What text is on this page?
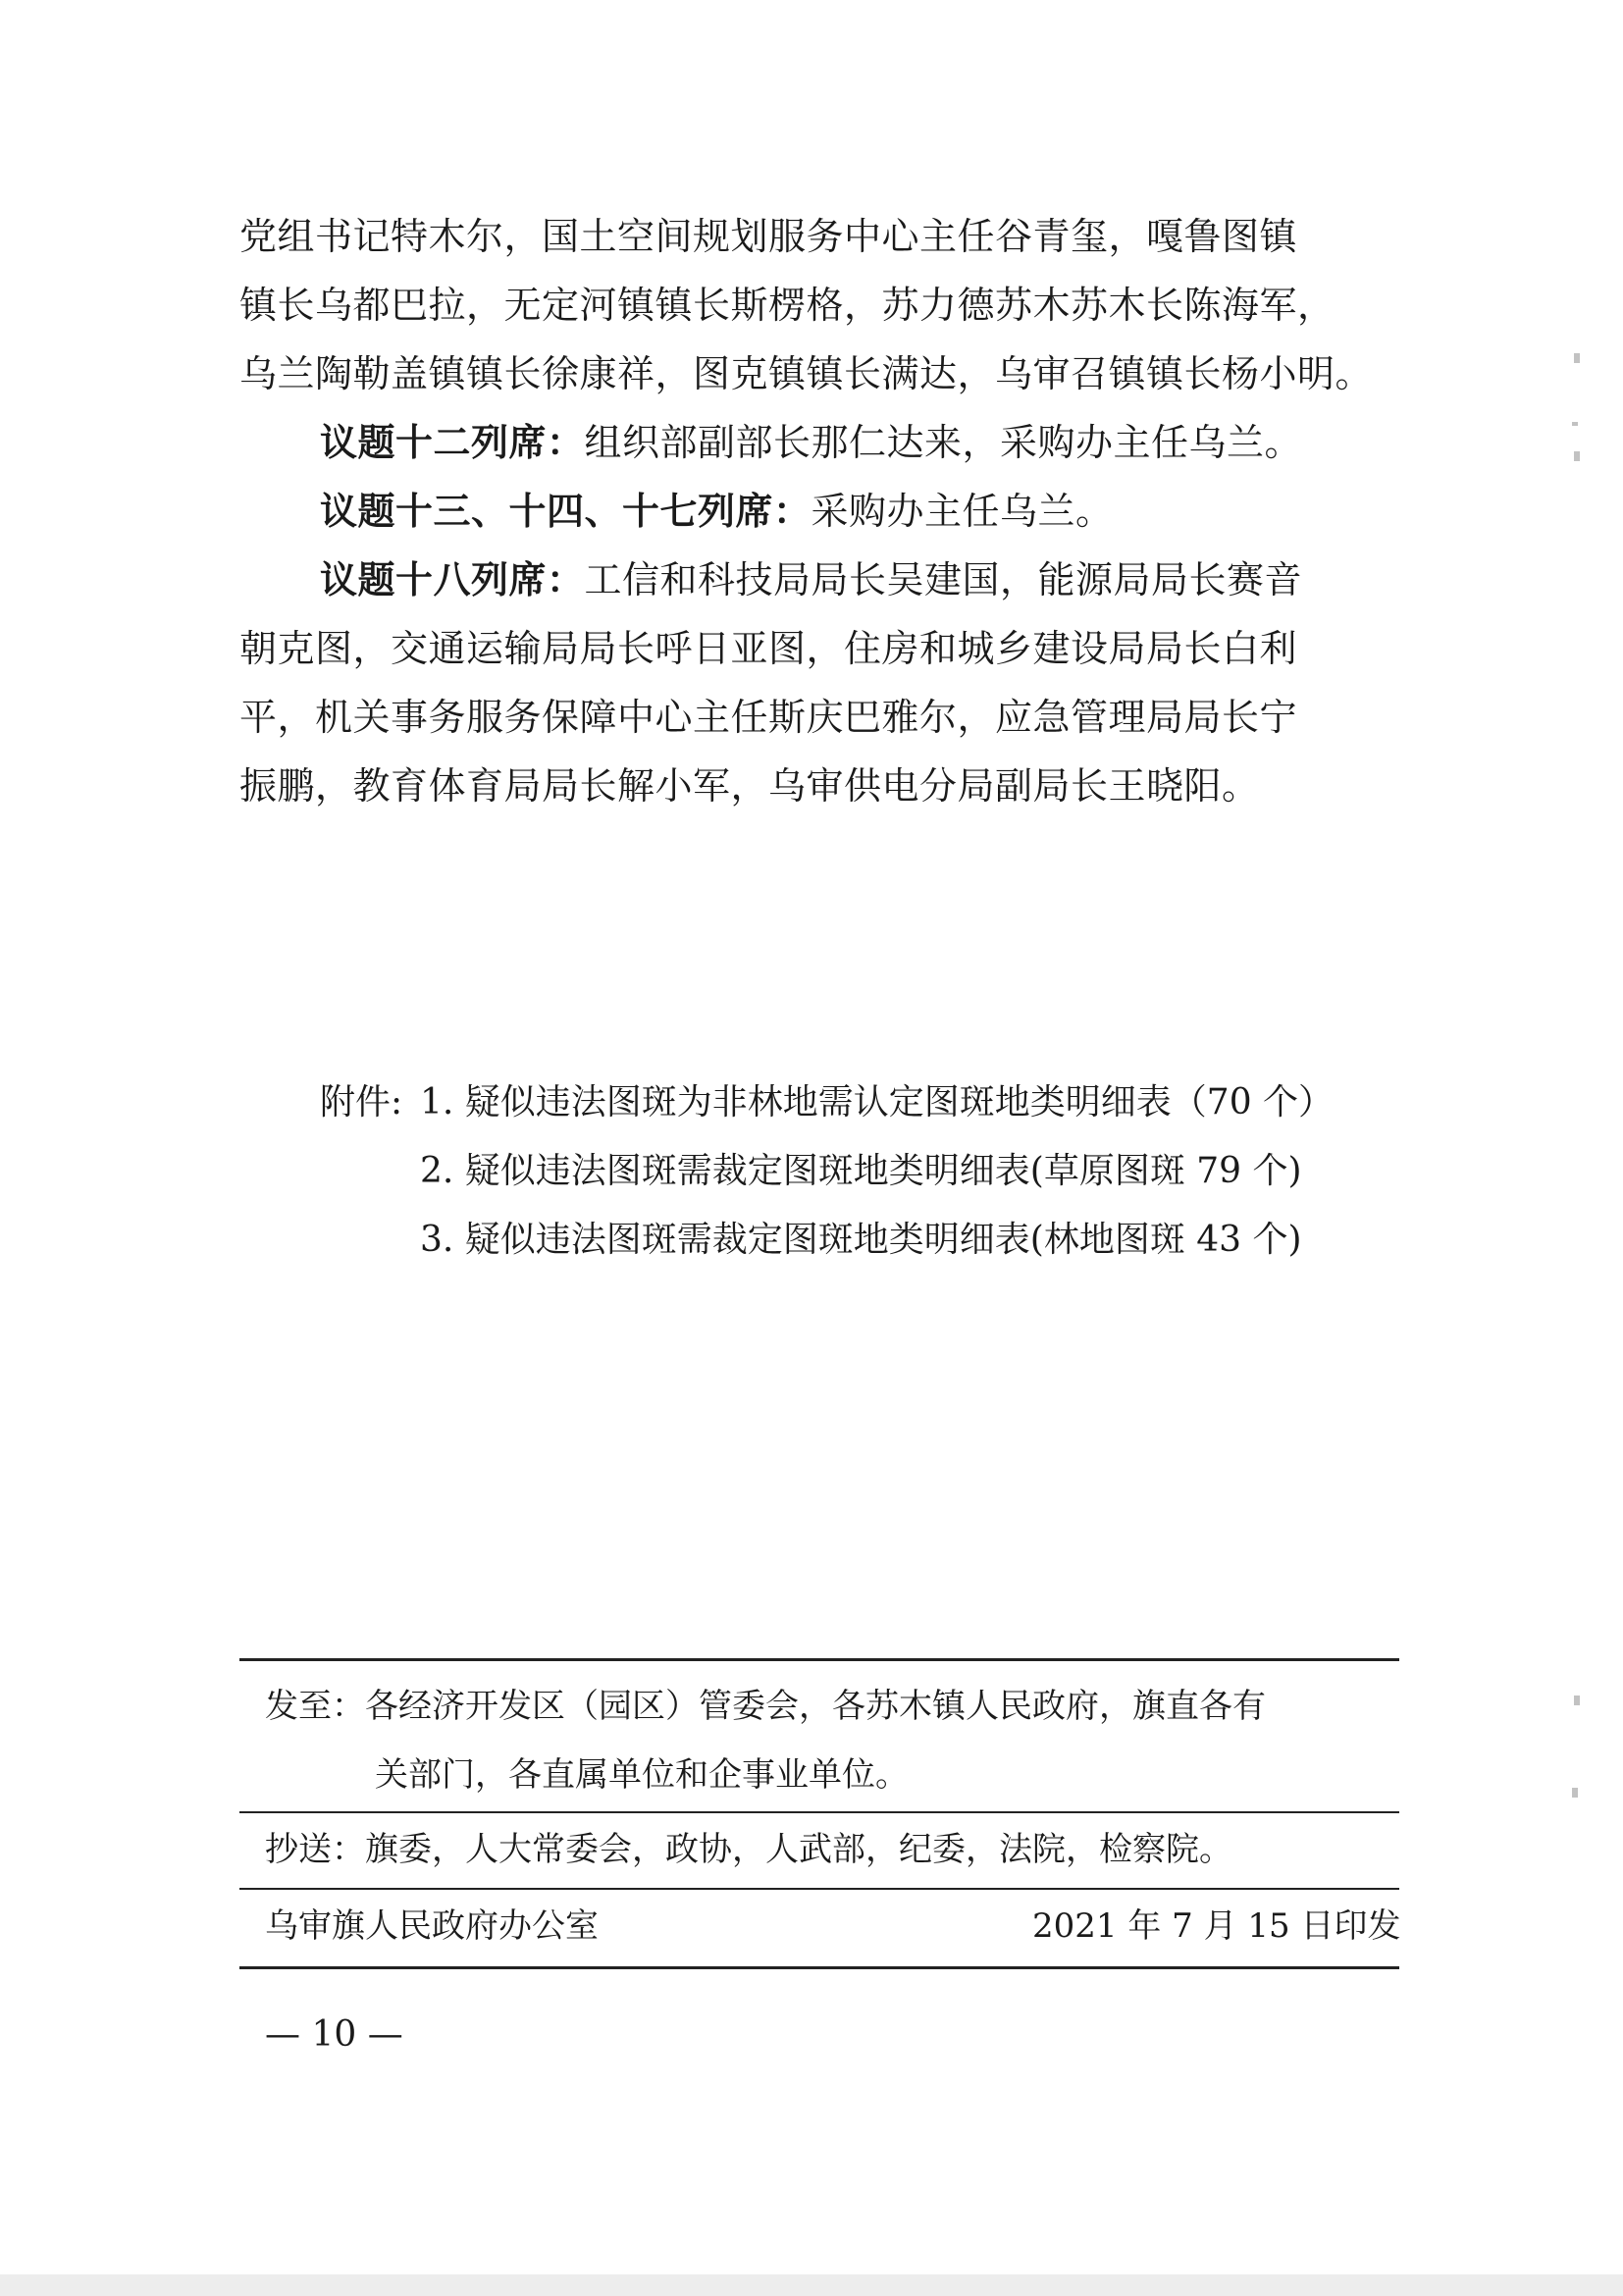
党组书记特木尔，国土空间规划服务中心主任谷青玺，嘎鲁图镇
镇长乌都巴拉，无定河镇镇长斯楞格，苏力德苏木苏木长陈海军，
乌兰陶勒盖镇镇长徐康祥，图克镇镇长满达，乌审召镇镇长杨小明。
议题十二列席：组织部副部长那仁达来，采购办主任乌兰。
议题十三、十四、十七列席：采购办主任乌兰。
议题十八列席：工信和科技局局长吴建国，能源局局长赛音
朝克图，交通运输局局长呼日亚图，住房和城乡建设局局长白利
平，机关事务服务保障中心主任斯庆巴雅尔，应急管理局局长宁
振鹏，教育体育局局长解小军，乌审供电分局副局长王晓阳。
附件: 1. 疑似违法图斑为非林地需认定图斑地类明细表（70 个）
2. 疑似违法图斑需裁定图斑地类明细表(草原图斑 79 个)
3. 疑似违法图斑需裁定图斑地类明细表(林地图斑 43 个)
发至：各经济开发区（园区）管委会，各苏木镇人民政府，旗直各有
关部门，各直属单位和企事业单位。
抄送：旗委，人大常委会，政协，人武部，纪委，法院，检察院。
乌审旗人民政府办公室	2021 年 7 月 15 日印发
— 10 —
